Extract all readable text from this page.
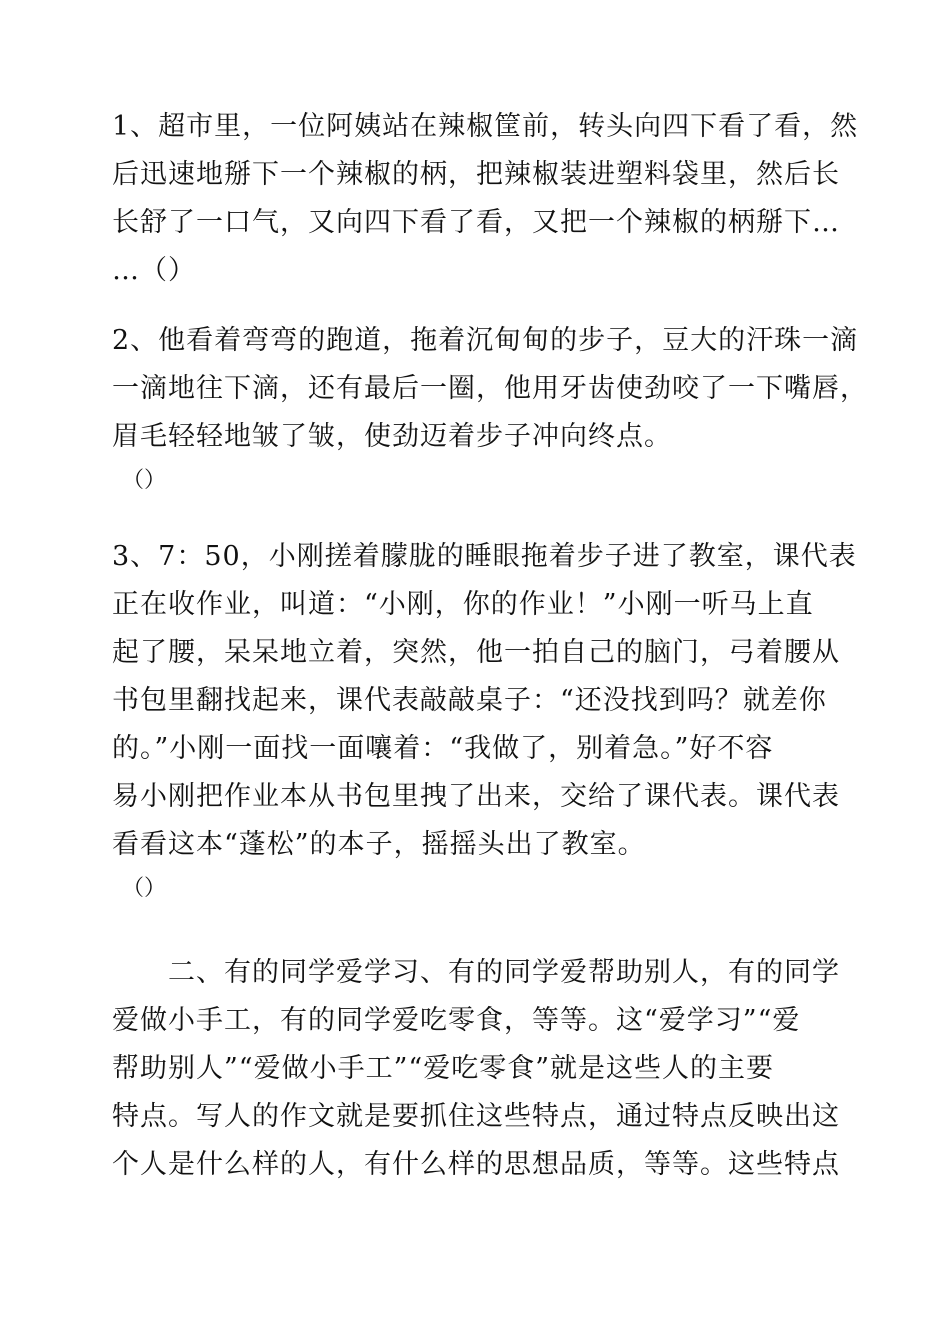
1、超市里，一位阿姨站在辣椒筐前，转头向四下看了看，然
后迅速地掰下一个辣椒的柄，把辣椒装进塑料袋里，然后长
长舒了一口气，又向四下看了看，又把一个辣椒的柄掰下…
…（）
2、他看着弯弯的跑道，拖着沉甸甸的步子，豆大的汗珠一滴
一滴地往下滴，还有最后一圈，他用牙齿使劲咬了一下嘴唇，
眉毛轻轻地皱了皱，使劲迈着步子冲向终点。
（）
3、7：50，小刚搓着朦胧的睡眼拖着步子进了教室，课代表
正在收作业，叫道：“小刚，你的作业！”小刚一听马上直
起了腰，呆呆地立着，突然，他一拍自己的脑门，弓着腰从
书包里翻找起来，课代表敲敲桌子：“还没找到吗？就差你
的。”小刚一面找一面嚷着：“我做了，别着急。”好不容
易小刚把作业本从书包里拽了出来，交给了课代表。课代表
看看这本“蓬松”的本子，摇摇头出了教室。
（）
二、有的同学爱学习、有的同学爱帮助别人，有的同学
爱做小手工，有的同学爱吃零食，等等。这“爱学习”“爱
帮助别人”“爱做小手工”“爱吃零食”就是这些人的主要
特点。写人的作文就是要抓住这些特点，通过特点反映出这
个人是什么样的人，有什么样的思想品质，等等。这些特点
